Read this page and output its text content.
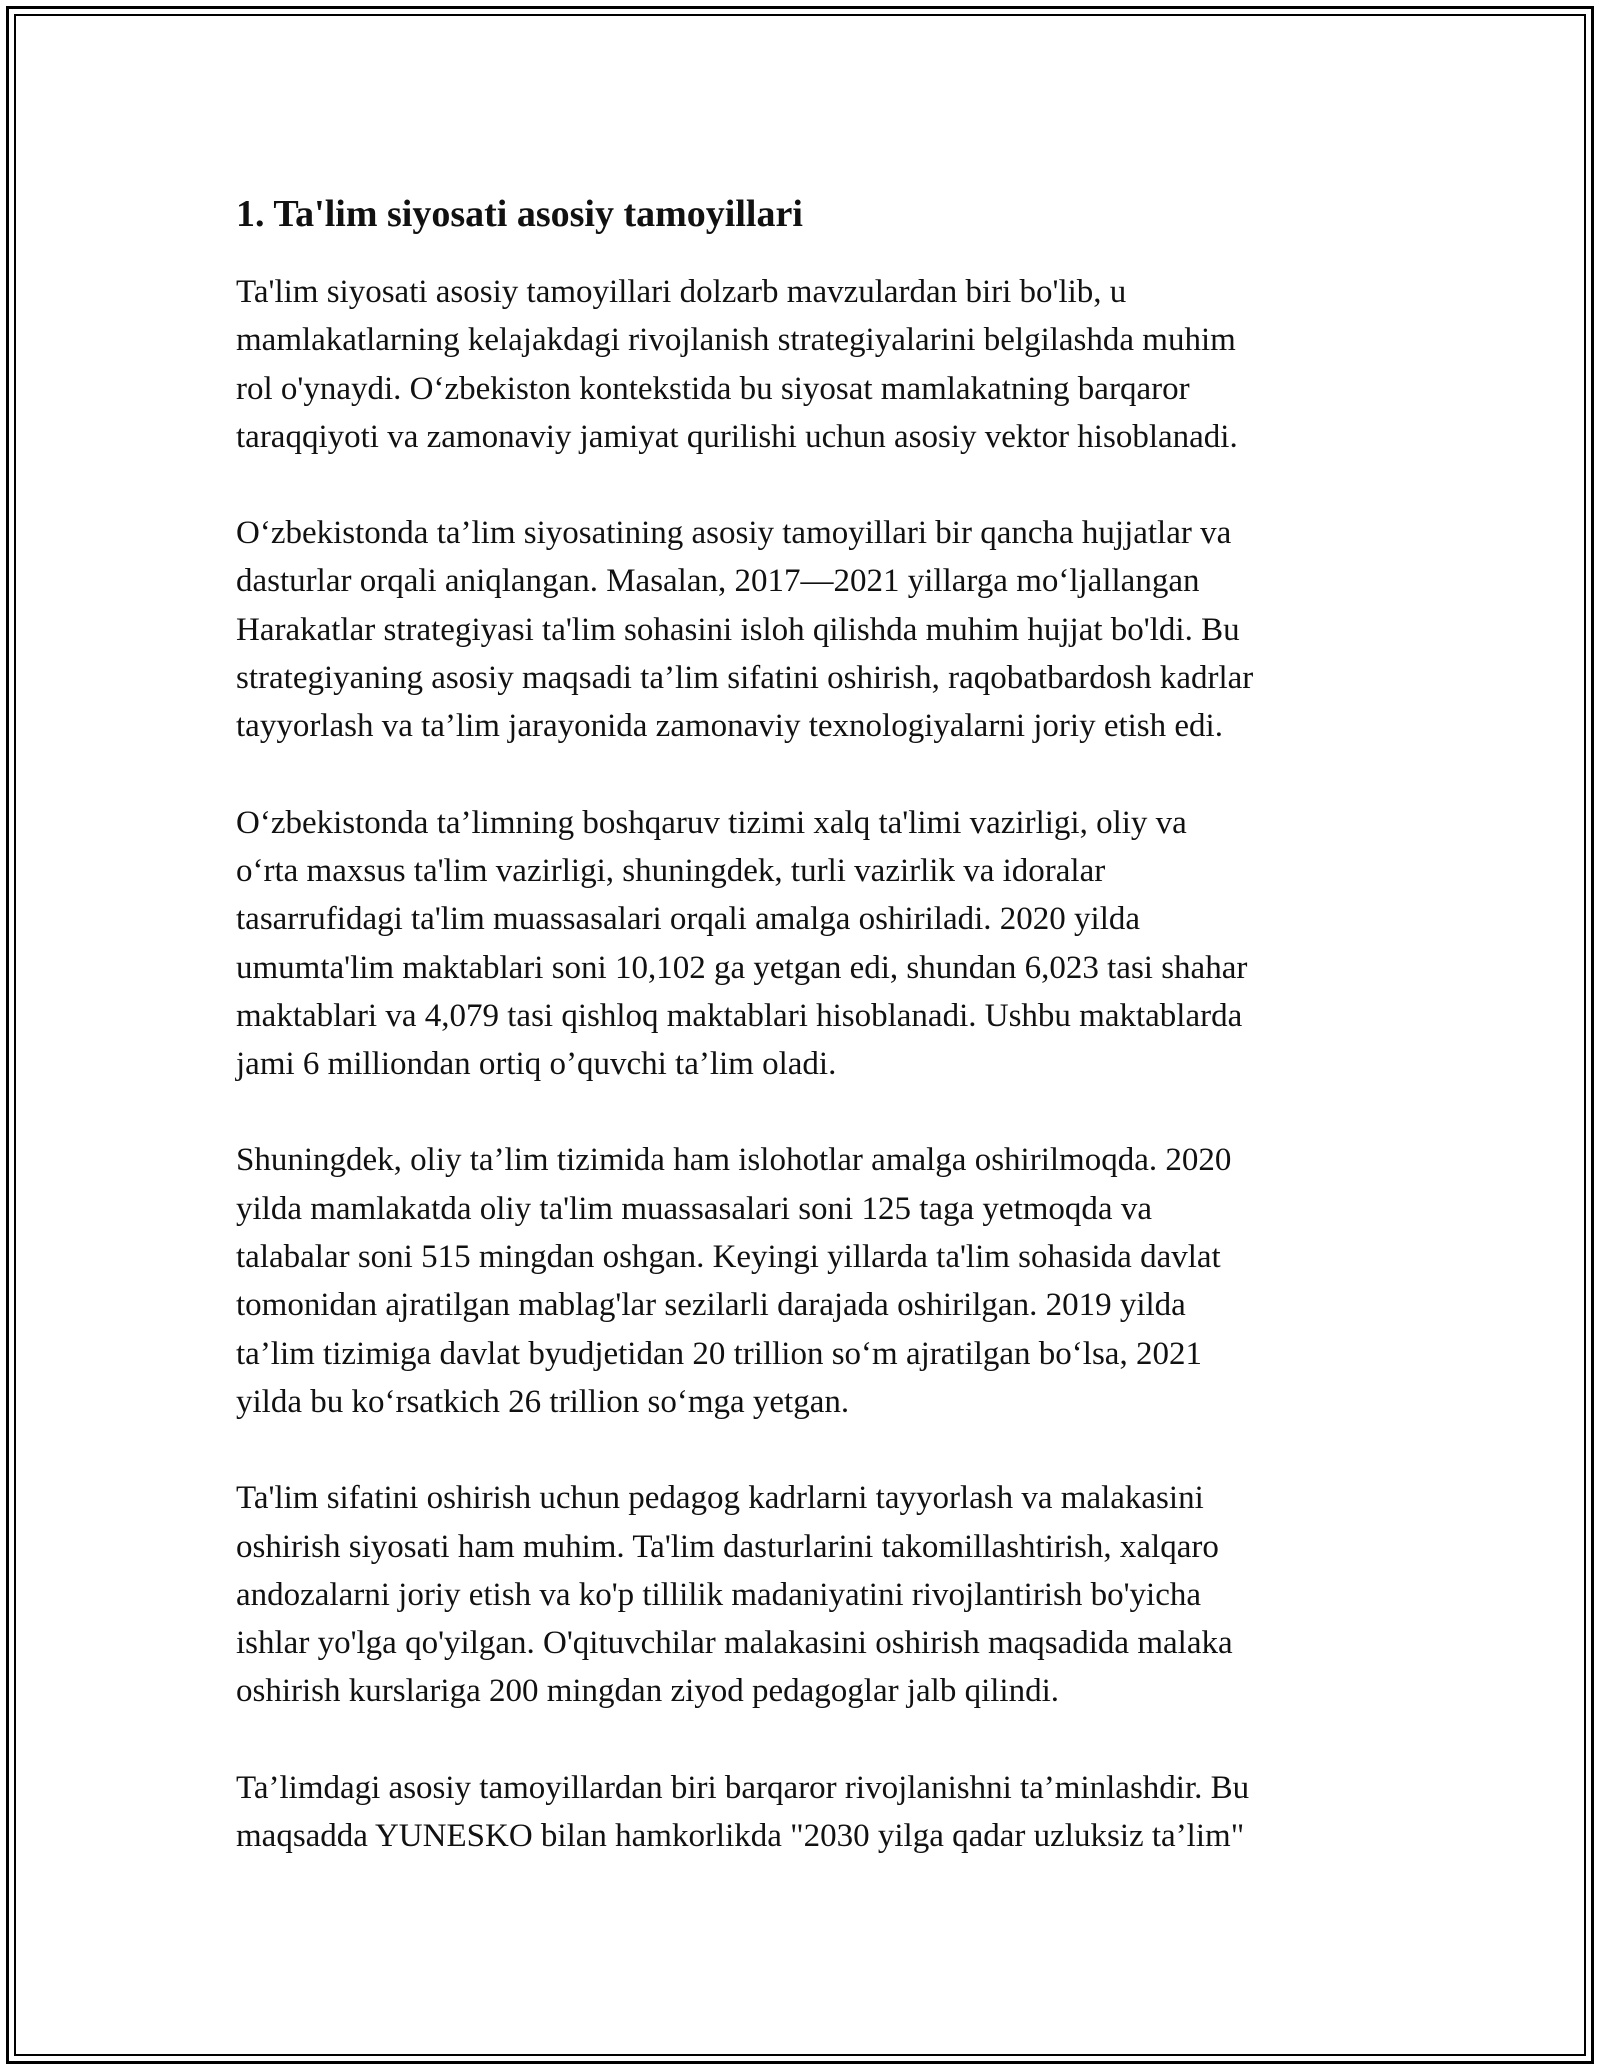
1. Ta'lim siyosati asosiy tamoyillari

Ta'lim siyosati asosiy tamoyillari dolzarb mavzulardan biri bo'lib, u
mamlakatlarning kelajakdagi rivojlanish strategiyalarini belgilashda muhim
rol o'ynaydi. O‘zbekiston kontekstida bu siyosat mamlakatning barqaror
taraqqiyoti va zamonaviy jamiyat qurilishi uchun asosiy vektor hisoblanadi.

O‘zbekistonda ta’lim siyosatining asosiy tamoyillari bir qancha hujjatlar va
dasturlar orqali aniqlangan. Masalan, 2017—2021 yillarga mo‘ljallangan
Harakatlar strategiyasi ta'lim sohasini isloh qilishda muhim hujjat bo'ldi. Bu
strategiyaning asosiy maqsadi ta’lim sifatini oshirish, raqobatbardosh kadrlar
tayyorlash va ta’lim jarayonida zamonaviy texnologiyalarni joriy etish edi.

O‘zbekistonda ta’limning boshqaruv tizimi xalq ta'limi vazirligi, oliy va
o‘rta maxsus ta'lim vazirligi, shuningdek, turli vazirlik va idoralar
tasarrufidagi ta'lim muassasalari orqali amalga oshiriladi. 2020 yilda
umumta'lim maktablari soni 10,102 ga yetgan edi, shundan 6,023 tasi shahar
maktablari va 4,079 tasi qishloq maktablari hisoblanadi. Ushbu maktablarda
jami 6 milliondan ortiq o’quvchi ta’lim oladi.

Shuningdek, oliy ta’lim tizimida ham islohotlar amalga oshirilmoqda. 2020
yilda mamlakatda oliy ta'lim muassasalari soni 125 taga yetmoqda va
talabalar soni 515 mingdan oshgan. Keyingi yillarda ta'lim sohasida davlat
tomonidan ajratilgan mablag'lar sezilarli darajada oshirilgan. 2019 yilda
ta’lim tizimiga davlat byudjetidan 20 trillion so‘m ajratilgan bo‘lsa, 2021
yilda bu ko‘rsatkich 26 trillion so‘mga yetgan.

Ta'lim sifatini oshirish uchun pedagog kadrlarni tayyorlash va malakasini
oshirish siyosati ham muhim. Ta'lim dasturlarini takomillashtirish, xalqaro
andozalarni joriy etish va ko'p tillilik madaniyatini rivojlantirish bo'yicha
ishlar yo'lga qo'yilgan. O'qituvchilar malakasini oshirish maqsadida malaka
oshirish kurslariga 200 mingdan ziyod pedagoglar jalb qilindi.

Ta’limdagi asosiy tamoyillardan biri barqaror rivojlanishni ta’minlashdir. Bu
maqsadda YUNESKO bilan hamkorlikda "2030 yilga qadar uzluksiz ta’lim"
